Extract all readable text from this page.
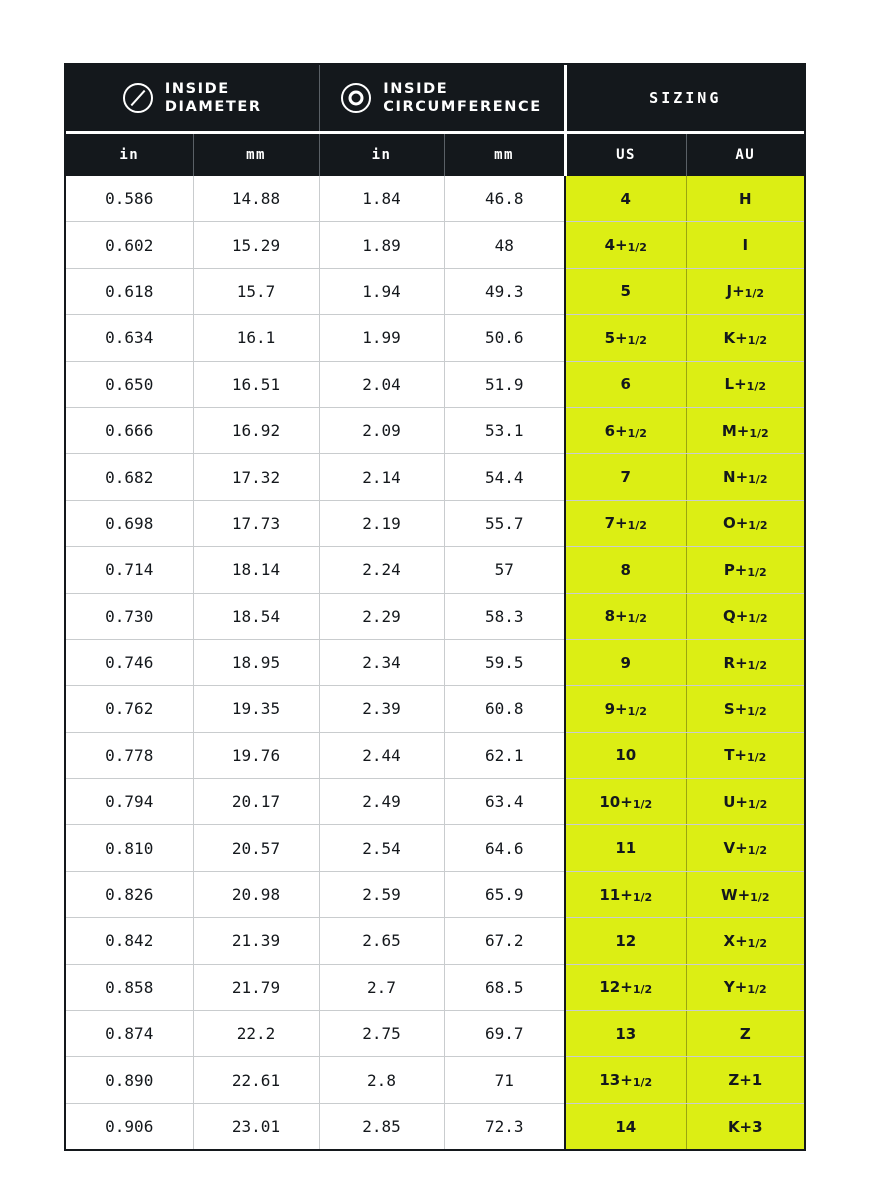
INSIDE
DIAMETER		INSIDE
CIRCUMFERENCE		SIZING	

in	mm	in	mm	US	AU
0.586	14.88	1.84	46.8	4	H
0.602	15.29	1.89	48	4+1/2	I
0.618	15.7	1.94	49.3	5	J+1/2
0.634	16.1	1.99	50.6	5+1/2	K+1/2
0.650	16.51	2.04	51.9	6	L+1/2
0.666	16.92	2.09	53.1	6+1/2	M+1/2
0.682	17.32	2.14	54.4	7	N+1/2
0.698	17.73	2.19	55.7	7+1/2	O+1/2
0.714	18.14	2.24	57	8	P+1/2
0.730	18.54	2.29	58.3	8+1/2	Q+1/2
0.746	18.95	2.34	59.5	9	R+1/2
0.762	19.35	2.39	60.8	9+1/2	S+1/2
0.778	19.76	2.44	62.1	10	T+1/2
0.794	20.17	2.49	63.4	10+1/2	U+1/2
0.810	20.57	2.54	64.6	11	V+1/2
0.826	20.98	2.59	65.9	11+1/2	W+1/2
0.842	21.39	2.65	67.2	12	X+1/2
0.858	21.79	2.7	68.5	12+1/2	Y+1/2
0.874	22.2	2.75	69.7	13	Z
0.890	22.61	2.8	71	13+1/2	Z+1
0.906	23.01	2.85	72.3	14	K+3
